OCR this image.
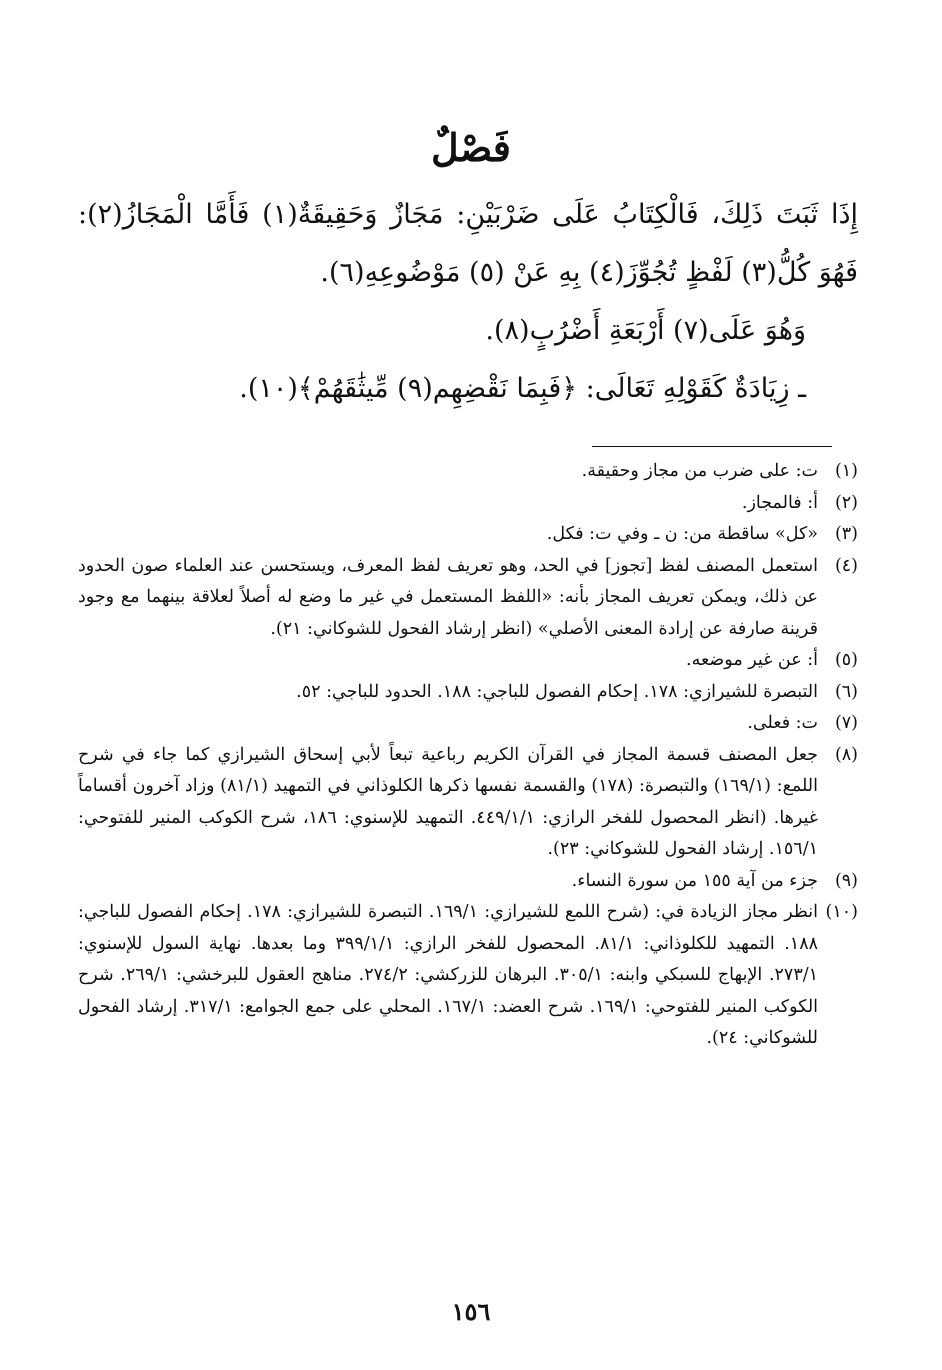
فَصْلٌ

إِذَا ثَبَتَ ذَلِكَ، فَالْكِتَابُ عَلَى ضَرْبَيْنِ: مَجَازٌ وَحَقِيقَةٌ(١) فَأَمَّا الْمَجَازُ(٢): فَهُوَ كُلُّ(٣) لَفْظٍ تُجُوِّزَ(٤) بِهِ عَنْ (٥) مَوْضُوعِهِ(٦).

وَهُوَ عَلَى(٧) أَرْبَعَةِ أَضْرُبٍ(٨).

ـ زِيَادَةٌ كَقَوْلِهِ تَعَالَى: ﴿فَبِمَا نَقْضِهِم(٩) مِّيثَٰقَهُمْ﴾(١٠).

(١)
ت: على ضرب من مجاز وحقيقة.
(٢)
أ: فالمجاز.
(٣)
«كل» ساقطة من: ن ـ وفي ت: فكل.
(٤)
استعمل المصنف لفظ [تجوز] في الحد، وهو تعريف لفظ المعرف، ويستحسن عند العلماء صون الحدود عن ذلك، ويمكن تعريف المجاز بأنه: «اللفظ المستعمل في غير ما وضع له أصلاً لعلاقة بينهما مع وجود قرينة صارفة عن إرادة المعنى الأصلي» (انظر إرشاد الفحول للشوكاني: ٢١).
(٥)
أ: عن غير موضعه.
(٦)
التبصرة للشيرازي: ١٧٨. إحكام الفصول للباجي: ١٨٨. الحدود للباجي: ٥٢.
(٧)
ت: فعلى.
(٨)
جعل المصنف قسمة المجاز في القرآن الكريم رباعية تبعاً لأبي إسحاق الشيرازي كما جاء في شرح اللمع: (١٦٩/١) والتبصرة: (١٧٨) والقسمة نفسها ذكرها الكلوذاني في التمهيد (٨١/١) وزاد آخرون أقساماً غيرها. (انظر المحصول للفخر الرازي: ٤٤٩/١/١. التمهيد للإسنوي: ١٨٦، شرح الكوكب المنير للفتوحي: ١٥٦/١. إرشاد الفحول للشوكاني: ٢٣).
(٩)
جزء من آية ١٥٥ من سورة النساء.
(١٠)
انظر مجاز الزيادة في: (شرح اللمع للشيرازي: ١٦٩/١. التبصرة للشيرازي: ١٧٨. إحكام الفصول للباجي: ١٨٨. التمهيد للكلوذاني: ٨١/١. المحصول للفخر الرازي: ٣٩٩/١/١ وما بعدها. نهاية السول للإسنوي: ٢٧٣/١. الإبهاج للسبكي وابنه: ٣٠٥/١. البرهان للزركشي: ٢٧٤/٢. مناهج العقول للبرخشي: ٢٦٩/١. شرح الكوكب المنير للفتوحي: ١٦٩/١. شرح العضد: ١٦٧/١. المحلي على جمع الجوامع: ٣١٧/١. إرشاد الفحول للشوكاني: ٢٤).
١٥٦
